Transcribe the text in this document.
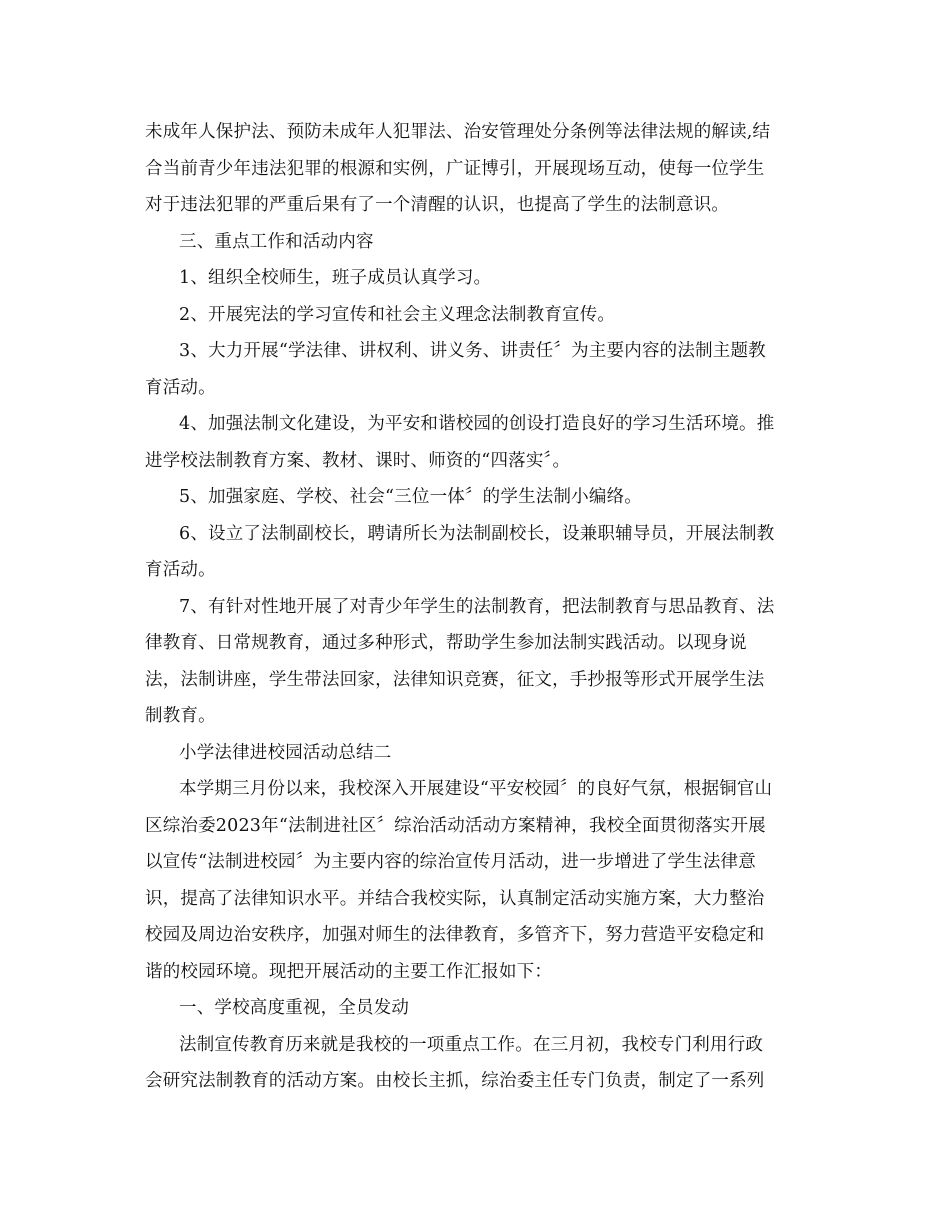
未成年人保护法、预防未成年人犯罪法、治安管理处分条例等法律法规的解读,结
合当前青少年违法犯罪的根源和实例，广证博引，开展现场互动，使每一位学生
对于违法犯罪的严重后果有了一个清醒的认识，也提高了学生的法制意识。
三、重点工作和活动内容
1、组织全校师生，班子成员认真学习。
2、开展宪法的学习宣传和社会主义理念法制教育宣传。
3、大力开展“学法律、讲权利、讲义务、讲责任〞为主要内容的法制主题教
育活动。
4、加强法制文化建设，为平安和谐校园的创设打造良好的学习生活环境。推
进学校法制教育方案、教材、课时、师资的“四落实〞。
5、加强家庭、学校、社会“三位一体〞的学生法制小编络。
6、设立了法制副校长，聘请所长为法制副校长，设兼职辅导员，开展法制教
育活动。
7、有针对性地开展了对青少年学生的法制教育，把法制教育与思品教育、法
律教育、日常规教育，通过多种形式，帮助学生参加法制实践活动。以现身说
法，法制讲座，学生带法回家，法律知识竞赛，征文，手抄报等形式开展学生法
制教育。
小学法律进校园活动总结二
本学期三月份以来，我校深入开展建设“平安校园〞的良好气氛，根据铜官山
区综治委2023年“法制进社区〞综治活动活动方案精神，我校全面贯彻落实开展
以宣传“法制进校园〞为主要内容的综治宣传月活动，进一步增进了学生法律意
识，提高了法律知识水平。并结合我校实际，认真制定活动实施方案，大力整治
校园及周边治安秩序，加强对师生的法律教育，多管齐下，努力营造平安稳定和
谐的校园环境。现把开展活动的主要工作汇报如下：
一、学校高度重视，全员发动
法制宣传教育历来就是我校的一项重点工作。在三月初，我校专门利用行政
会研究法制教育的活动方案。由校长主抓，综治委主任专门负责，制定了一系列
